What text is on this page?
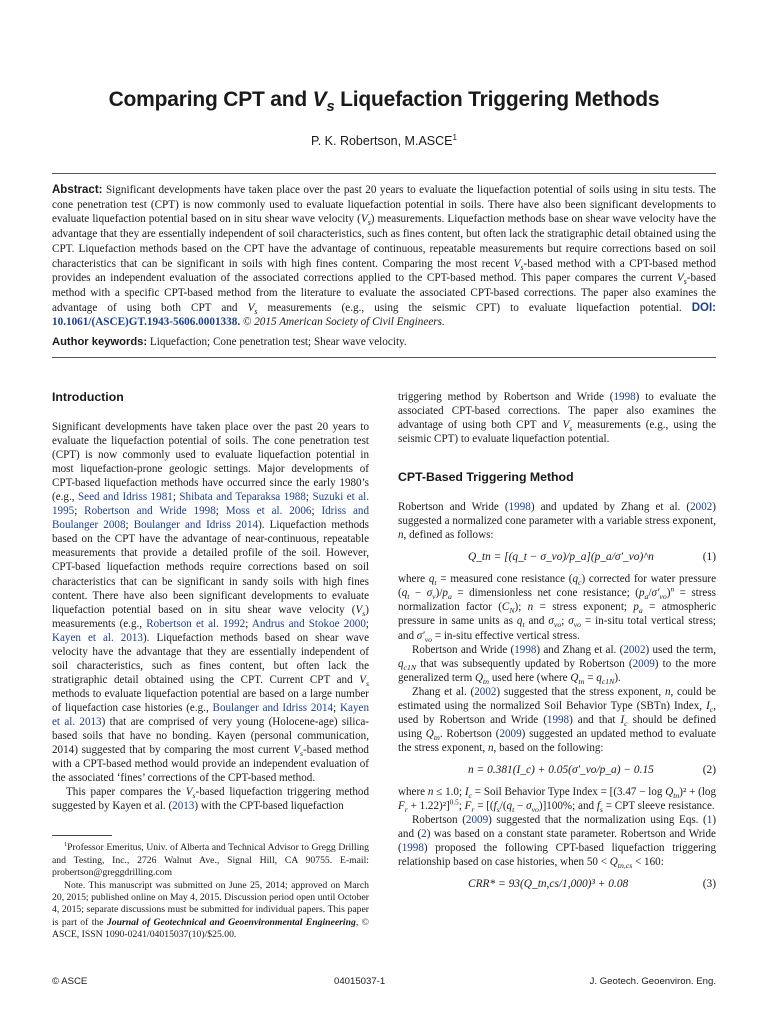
Comparing CPT and $V_s$ Liquefaction Triggering Methods
P. K. Robertson, M.ASCE$^1$
Abstract: Significant developments have taken place over the past 20 years to evaluate the liquefaction potential of soils using in situ tests. The cone penetration test (CPT) is now commonly used to evaluate liquefaction potential in soils. There have also been significant developments to evaluate liquefaction potential based on in situ shear wave velocity $(V_s)$ measurements. Liquefaction methods base on shear wave velocity have the advantage that they are essentially independent of soil characteristics, such as fines content, but often lack the stratigraphic detail obtained using the CPT. Liquefaction methods based on the CPT have the advantage of continuous, repeatable measurements but require corrections based on soil characteristics that can be significant in soils with high fines content. Comparing the most recent $V_s$-based method with a CPT-based method provides an independent evaluation of the associated corrections applied to the CPT-based method. This paper compares the current $V_s$-based method with a specific CPT-based method from the literature to evaluate the associated CPT-based corrections. The paper also examines the advantage of using both CPT and $V_s$ measurements (e.g., using the seismic CPT) to evaluate liquefaction potential. DOI: 10.1061/(ASCE)GT.1943-5606.0001338. © 2015 American Society of Civil Engineers.
Author keywords: Liquefaction; Cone penetration test; Shear wave velocity.
Introduction

Significant developments have taken place over the past 20 years to evaluate the liquefaction potential of soils. The cone penetration test (CPT) is now commonly used to evaluate liquefaction potential in most liquefaction-prone geologic settings. Major developments of CPT-based liquefaction methods have occurred since the early 1980’s (e.g., Seed and Idriss 1981; Shibata and Teparaksa 1988; Suzuki et al. 1995; Robertson and Wride 1998; Moss et al. 2006; Idriss and Boulanger 2008; Boulanger and Idriss 2014). Liquefaction methods based on the CPT have the advantage of near-continuous, repeatable measurements that provide a detailed profile of the soil. However, CPT-based liquefaction methods require corrections based on soil characteristics that can be significant in sandy soils with high fines content. There have also been significant developments to evaluate liquefaction potential based on in situ shear wave velocity $(V_s)$ measurements (e.g., Robertson et al. 1992; Andrus and Stokoe 2000; Kayen et al. 2013). Liquefaction methods based on shear wave velocity have the advantage that they are essentially independent of soil characteristics, such as fines content, but often lack the stratigraphic detail obtained using the CPT. Current CPT and $V_s$ methods to evaluate liquefaction potential are based on a large number of liquefaction case histories (e.g., Boulanger and Idriss 2014; Kayen et al. 2013) that are comprised of very young (Holocene-age) silica-based soils that have no bonding. Kayen (personal communication, 2014) suggested that by comparing the most current $V_s$-based method with a CPT-based method would provide an independent evaluation of the associated ‘fines’ corrections of the CPT-based method.

This paper compares the $V_s$-based liquefaction triggering method suggested by Kayen et al. (2013) with the CPT-based liquefaction

$^1$Professor Emeritus, Univ. of Alberta and Technical Advisor to Gregg Drilling and Testing, Inc., 2726 Walnut Ave., Signal Hill, CA 90755. E-mail: probertson@greggdrilling.com

Note. This manuscript was submitted on June 25, 2014; approved on March 20, 2015; published online on May 4, 2015. Discussion period open until October 4, 2015; separate discussions must be submitted for individual papers. This paper is part of the Journal of Geotechnical and Geoenvironmental Engineering, © ASCE, ISSN 1090-0241/04015037(10)/$25.00.

triggering method by Robertson and Wride (1998) to evaluate the associated CPT-based corrections. The paper also examines the advantage of using both CPT and $V_s$ measurements (e.g., using the seismic CPT) to evaluate liquefaction potential.

CPT-Based Triggering Method

Robertson and Wride (1998) and updated by Zhang et al. (2002) suggested a normalized cone parameter with a variable stress exponent, n, defined as follows:

Q_tn = [(q_t − σ_vo)/p_a](p_a/σ′_vo)^n	(1)

where $q_t$ = measured cone resistance $(q_c)$ corrected for water pressure $(q_t - \sigma_v)/p_a$ = dimensionless net cone resistance; $(p_a/\sigma'_{vo})^n$ = stress normalization factor $(C_N)$; n = stress exponent; $p_a$ = atmospheric pressure in same units as $q_t$ and $\sigma_{vo}$; $\sigma_{vo}$ = in-situ total vertical stress; and $\sigma'_{vo}$ = in-situ effective vertical stress.

Robertson and Wride (1998) and Zhang et al. (2002) used the term, $q_{c1N}$ that was subsequently updated by Robertson (2009) to the more generalized term $Q_{tn}$ used here (where $Q_{tn} = q_{c1N}$).

Zhang et al. (2002) suggested that the stress exponent, n, could be estimated using the normalized Soil Behavior Type (SBTn) Index, $I_c$, used by Robertson and Wride (1998) and that $I_c$ should be defined using $Q_{tn}$. Robertson (2009) suggested an updated method to evaluate the stress exponent, n, based on the following:

n = 0.381(I_c) + 0.05(σ′_vo/p_a) − 0.15	(2)

where n ≤ 1.0; $I_c$ = Soil Behavior Type Index = [$(3.47 - \log Q_{tn})^2 + (\log$ $F_r + 1.22)^2]^{0.5}$; $F_r = [(f_s/(q_t - \sigma_{vo})]100\%$; and $f_s$ = CPT sleeve resistance.

Robertson (2009) suggested that the normalization using Eqs. (1) and (2) was based on a constant state parameter. Robertson and Wride (1998) proposed the following CPT-based liquefaction triggering relationship based on case histories, when $50 < Q_{tn,cs} < 160$:

CRR* = 93(Q_tn,cs/1,000)³ + 0.08	(3)
© ASCE	04015037-1	J. Geotech. Geoenviron. Eng.
